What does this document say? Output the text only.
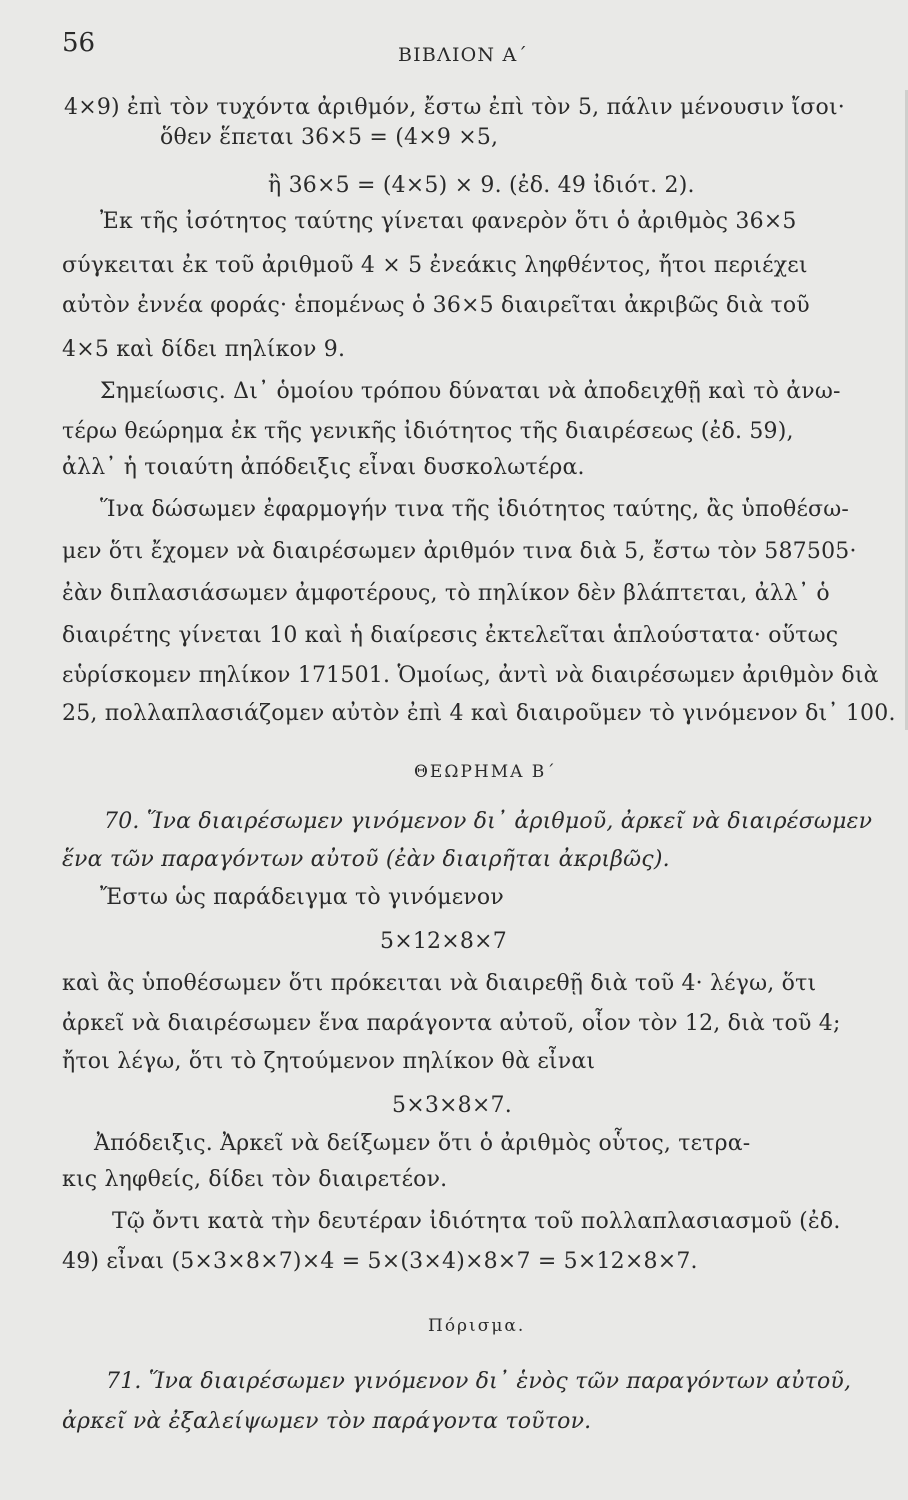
56	ΒΙΒΛΙΟΝ Α΄
4×9) ἐπὶ τὸν τυχόντα ἀριθμόν, ἔστω ἐπὶ τὸν 5, πάλιν μένουσιν ἴσοι·
ὅθεν ἕπεται 36×5 = (4×9 ×5,
ἢ 36×5 = (4×5) × 9. (ἐδ. 49 ἰδιότ. 2).
Ἐκ τῆς ἰσότητος ταύτης γίνεται φανερὸν ὅτι ὁ ἀριθμὸς 36×5
σύγκειται ἐκ τοῦ ἀριθμοῦ 4 × 5 ἐνεάκις ληφθέντος, ἤτοι περιέχει
αὐτὸν ἐννέα φοράς· ἑπομένως ὁ 36×5 διαιρεῖται ἀκριβῶς διὰ τοῦ
4×5 καὶ δίδει πηλίκον 9.
Σημείωσις. Δι᾽ ὁμοίου τρόπου δύναται νὰ ἀποδειχθῇ καὶ τὸ ἀνω-
τέρω θεώρημα ἐκ τῆς γενικῆς ἰδιότητος τῆς διαιρέσεως (ἐδ. 59),
ἀλλ᾽ ἡ τοιαύτη ἀπόδειξις εἶναι δυσκολωτέρα.
Ἵνα δώσωμεν ἐφαρμογήν τινα τῆς ἰδιότητος ταύτης, ἂς ὑποθέσω-
μεν ὅτι ἔχομεν νὰ διαιρέσωμεν ἀριθμόν τινα διὰ 5, ἔστω τὸν 587505·
ἐὰν διπλασιάσωμεν ἀμφοτέρους, τὸ πηλίκον δὲν βλάπτεται, ἀλλ᾽ ὁ
διαιρέτης γίνεται 10 καὶ ἡ διαίρεσις ἐκτελεῖται ἁπλούστατα· οὕτως
εὑρίσκομεν πηλίκον 171501. Ὁμοίως, ἀντὶ νὰ διαιρέσωμεν ἀριθμὸν διὰ
25, πολλαπλασιάζομεν αὐτὸν ἐπὶ 4 καὶ διαιροῦμεν τὸ γινόμενον δι᾽ 100.
ΘΕΩΡΗΜΑ Β΄
70. Ἵνα διαιρέσωμεν γινόμενον δι᾽ ἀριθμοῦ, ἀρκεῖ νὰ διαιρέσωμεν
ἕνα τῶν παραγόντων αὐτοῦ (ἐὰν διαιρῆται ἀκριβῶς).
Ἔστω ὡς παράδειγμα τὸ γινόμενον
5×12×8×7
καὶ ἂς ὑποθέσωμεν ὅτι πρόκειται νὰ διαιρεθῇ διὰ τοῦ 4· λέγω, ὅτι
ἀρκεῖ νὰ διαιρέσωμεν ἕνα παράγοντα αὐτοῦ, οἷον τὸν 12, διὰ τοῦ 4;
ἤτοι λέγω, ὅτι τὸ ζητούμενον πηλίκον θὰ εἶναι
5×3×8×7.
Ἀπόδειξις. Ἀρκεῖ νὰ δείξωμεν ὅτι ὁ ἀριθμὸς οὗτος, τετρα-
κις ληφθείς, δίδει τὸν διαιρετέον.
Τῷ ὄντι κατὰ τὴν δευτέραν ἰδιότητα τοῦ πολλαπλασιασμοῦ (ἐδ.
49) εἶναι (5×3×8×7)×4 = 5×(3×4)×8×7 = 5×12×8×7.
Πόρισμα.
71. Ἵνα διαιρέσωμεν γινόμενον δι᾽ ἑνὸς τῶν παραγόντων αὐτοῦ,
ἀρκεῖ νὰ ἐξαλείψωμεν τὸν παράγοντα τοῦτον.
